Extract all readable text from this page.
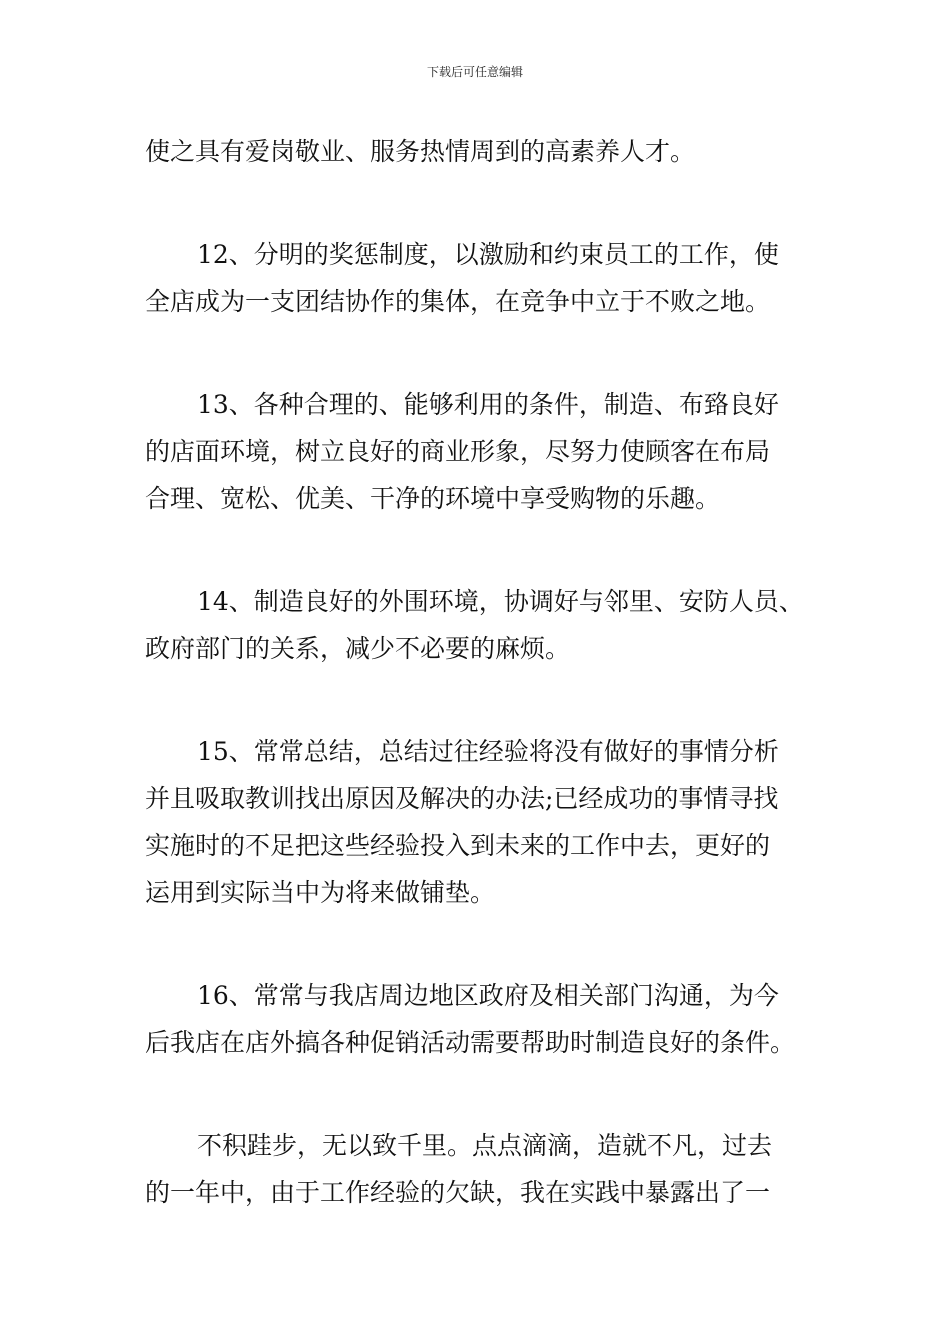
下载后可任意编辑
使之具有爱岗敬业、服务热情周到的高素养人才。
12、分明的奖惩制度，以激励和约束员工的工作，使
全店成为一支团结协作的集体，在竞争中立于不败之地。
13、各种合理的、能够利用的条件，制造、布臵良好
的店面环境，树立良好的商业形象，尽努力使顾客在布局
合理、宽松、优美、干净的环境中享受购物的乐趣。
14、制造良好的外围环境，协调好与邻里、安防人员、
政府部门的关系，减少不必要的麻烦。
15、常常总结，总结过往经验将没有做好的事情分析
并且吸取教训找出原因及解决的办法;已经成功的事情寻找
实施时的不足把这些经验投入到未来的工作中去，更好的
运用到实际当中为将来做铺垫。
16、常常与我店周边地区政府及相关部门沟通，为今
后我店在店外搞各种促销活动需要帮助时制造良好的条件。
不积跬步，无以致千里。点点滴滴，造就不凡，过去
的一年中，由于工作经验的欠缺，我在实践中暴露出了一
